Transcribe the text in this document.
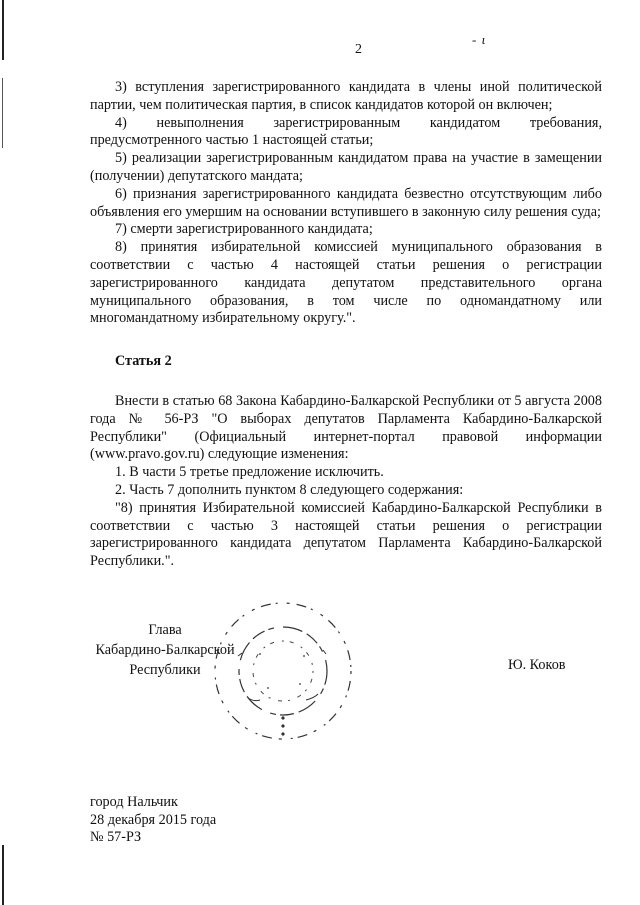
2
- ɩ

3) вступления зарегистрированного кандидата в члены иной политической партии, чем политическая партия, в список кандидатов которой он включен;

4) невыполнения зарегистрированным кандидатом требования, предусмотренного частью 1 настоящей статьи;

5) реализации зарегистрированным кандидатом права на участие в замещении (получении) депутатского мандата;

6) признания зарегистрированного кандидата безвестно отсутствующим либо объявления его умершим на основании вступившего в законную силу решения суда;

7) смерти зарегистрированного кандидата;

8) принятия избирательной комиссией муниципального образования в соответствии с частью 4 настоящей статьи решения о регистрации зарегистрированного кандидата депутатом представительного органа муниципального образования, в том числе по одномандатному или многомандатному избирательному округу.".

Статья 2

Внести в статью 68 Закона Кабардино-Балкарской Республики от 5 августа 2008 года № 56-РЗ "О выборах депутатов Парламента Кабардино-Балкарской Республики" (Официальный интернет-портал правовой информации (www.pravo.gov.ru) следующие изменения:

1. В части 5 третье предложение исключить.

2. Часть 7 дополнить пунктом 8 следующего содержания:

"8) принятия Избирательной комиссией Кабардино-Балкарской Республики в соответствии с частью 3 настоящей статьи решения о регистрации зарегистрированного кандидата депутатом Парламента Кабардино-Балкарской Республики.".

Глава
Кабардино-Балкарской
Республики	Ю. Коков
город Нальчик
28 декабря 2015 года
№ 57-РЗ
